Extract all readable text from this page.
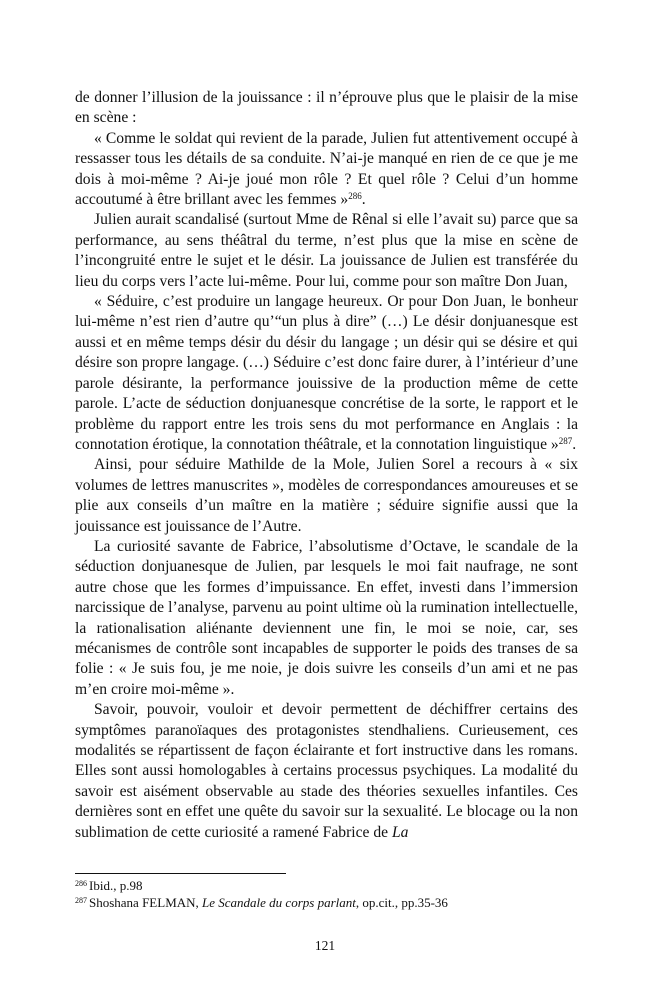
de donner l’illusion de la jouissance : il n’éprouve plus que le plaisir de la mise en scène :

« Comme le soldat qui revient de la parade, Julien fut attentivement occupé à ressasser tous les détails de sa conduite. N’ai-je manqué en rien de ce que je me dois à moi-même ? Ai-je joué mon rôle ? Et quel rôle ? Celui d’un homme accoutumé à être brillant avec les femmes »$^{286}$.

Julien aurait scandalisé (surtout Mme de Rênal si elle l’avait su) parce que sa performance, au sens théâtral du terme, n’est plus que la mise en scène de l’incongruité entre le sujet et le désir. La jouissance de Julien est transférée du lieu du corps vers l’acte lui-même. Pour lui, comme pour son maître Don Juan,

« Séduire, c’est produire un langage heureux. Or pour Don Juan, le bonheur lui-même n’est rien d’autre qu’“un plus à dire” (…) Le désir donjuanesque est aussi et en même temps désir du désir du langage ; un désir qui se désire et qui désire son propre langage. (…) Séduire c’est donc faire durer, à l’intérieur d’une parole désirante, la performance jouissive de la production même de cette parole. L’acte de séduction donjuanesque concrétise de la sorte, le rapport et le problème du rapport entre les trois sens du mot performance en Anglais : la connotation érotique, la connotation théâtrale, et la connotation linguistique »$^{287}$.

Ainsi, pour séduire Mathilde de la Mole, Julien Sorel a recours à « six volumes de lettres manuscrites », modèles de correspondances amoureuses et se plie aux conseils d’un maître en la matière ; séduire signifie aussi que la jouissance est jouissance de l’Autre.

La curiosité savante de Fabrice, l’absolutisme d’Octave, le scandale de la séduction donjuanesque de Julien, par lesquels le moi fait naufrage, ne sont autre chose que les formes d’impuissance. En effet, investi dans l’immersion narcissique de l’analyse, parvenu au point ultime où la rumination intellectuelle, la rationalisation aliénante deviennent une fin, le moi se noie, car, ses mécanismes de contrôle sont incapables de supporter le poids des transes de sa folie : « Je suis fou, je me noie, je dois suivre les conseils d’un ami et ne pas m’en croire moi-même ».

Savoir, pouvoir, vouloir et devoir permettent de déchiffrer certains des symptômes paranoïaques des protagonistes stendhaliens. Curieusement, ces modalités se répartissent de façon éclairante et fort instructive dans les romans. Elles sont aussi homologables à certains processus psychiques. La modalité du savoir est aisément observable au stade des théories sexuelles infantiles. Ces dernières sont en effet une quête du savoir sur la sexualité. Le blocage ou la non sublimation de cette curiosité a ramené Fabrice de La

$^{286}$ Ibid., p.98
$^{287}$ Shoshana FELMAN, Le Scandale du corps parlant, op.cit., pp.35-36
121
